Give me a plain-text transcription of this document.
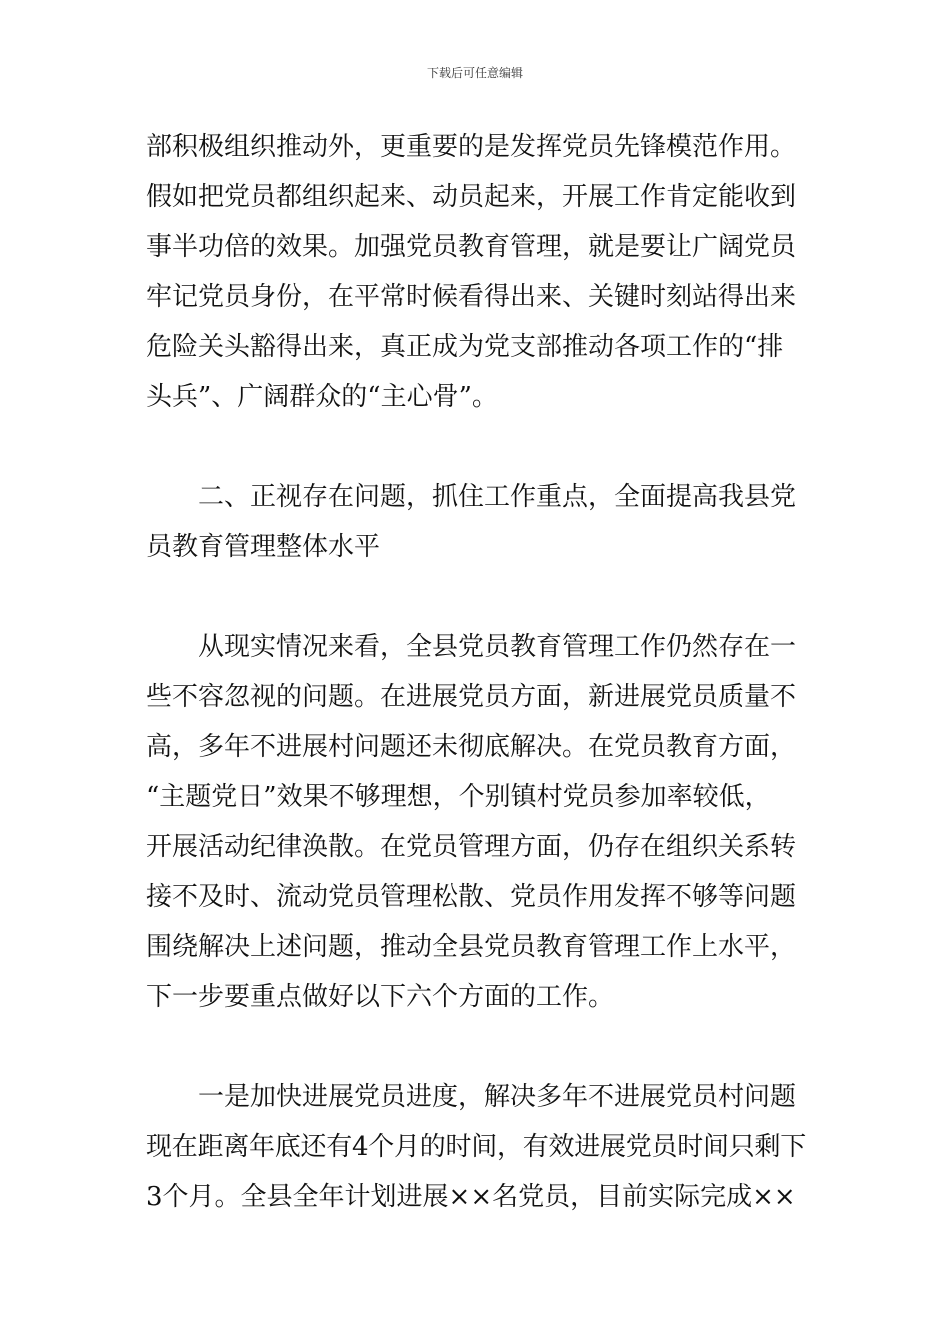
下载后可任意编辑
部积极组织推动外，更重要的是发挥党员先锋模范作用。
假如把党员都组织起来、动员起来，开展工作肯定能收到
事半功倍的效果。加强党员教育管理，就是要让广阔党员
牢记党员身份，在平常时候看得出来、关键时刻站得出来
危险关头豁得出来，真正成为党支部推动各项工作的“排
头兵”、广阔群众的“主心骨”。
　　二、正视存在问题，抓住工作重点，全面提高我县党
员教育管理整体水平
　　从现实情况来看，全县党员教育管理工作仍然存在一
些不容忽视的问题。在进展党员方面，新进展党员质量不
高，多年不进展村问题还未彻底解决。在党员教育方面，
“主题党日”效果不够理想，个别镇村党员参加率较低，
开展活动纪律涣散。在党员管理方面，仍存在组织关系转
接不及时、流动党员管理松散、党员作用发挥不够等问题
围绕解决上述问题，推动全县党员教育管理工作上水平，
下一步要重点做好以下六个方面的工作。
　　一是加快进展党员进度，解决多年不进展党员村问题
现在距离年底还有4个月的时间，有效进展党员时间只剩下
3个月。全县全年计划进展××名党员，目前实际完成××
